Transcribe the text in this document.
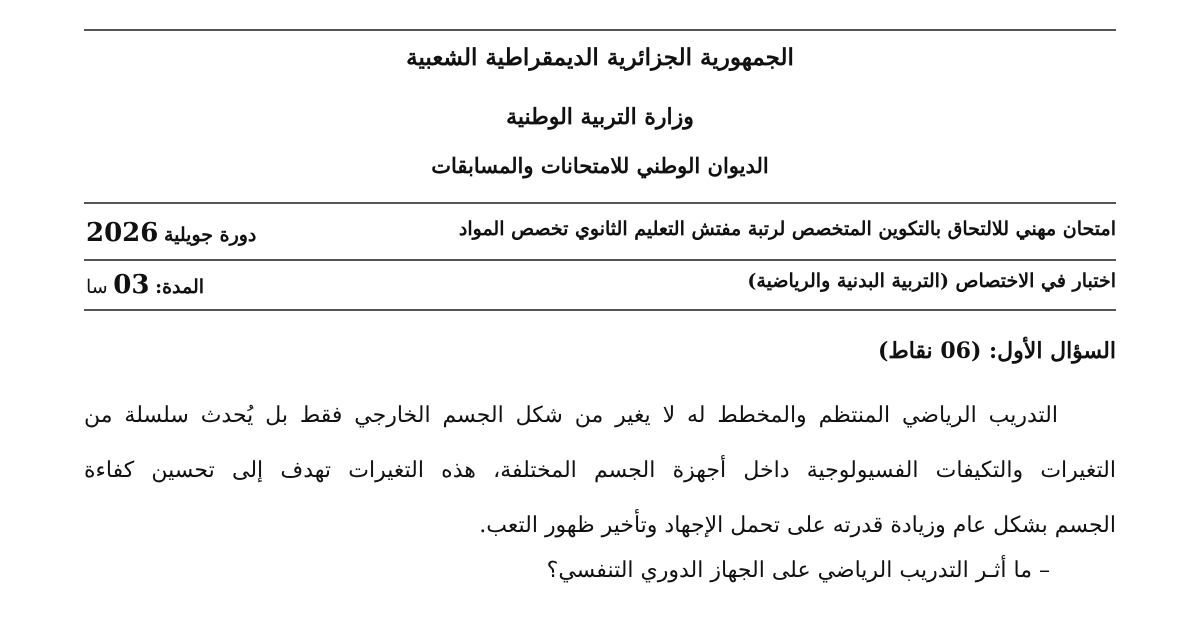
الجمهورية الجزائرية الديمقراطية الشعبية
وزارة التربية الوطنية
الديوان الوطني للامتحانات والمسابقات
امتحان مهني للالتحاق بالتكوين المتخصص لرتبة مفتش التعليم الثانوي تخصص المواد
دورة جويلية 2026
اختبار في الاختصاص (التربية البدنية والرياضية)
المدة: 03 سا
السؤال الأول: (06 نقاط)
التدريب الرياضي المنتظم والمخطط له لا يغير من شكل الجسم الخارجي فقط بل يُحدث سلسلة من
التغيرات والتكيفات الفسيولوجية داخل أجهزة الجسم المختلفة، هذه التغيرات تهدف إلى تحسين كفاءة
الجسم بشكل عام وزيادة قدرته على تحمل الإجهاد وتأخير ظهور التعب.
– ما أثـر التدريب الرياضي على الجهاز الدوري التنفسي؟
